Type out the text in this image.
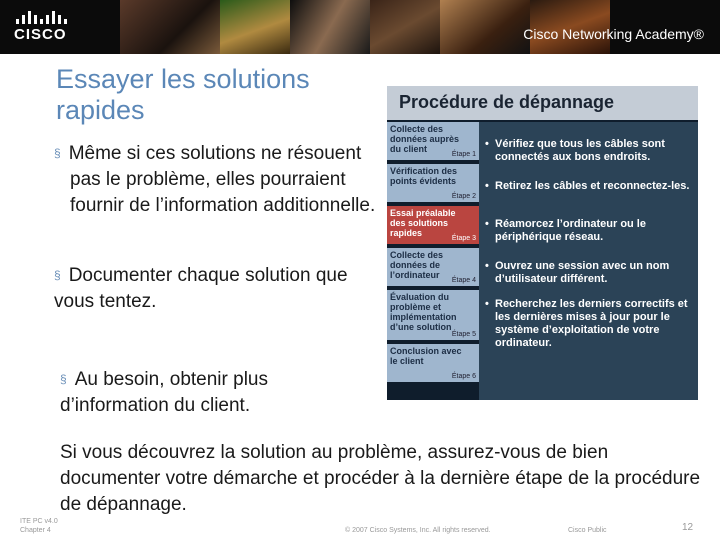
CISCO	Cisco Networking Academy®
Essayer les solutions rapides
§ Même si ces solutions ne résouent pas le problème, elles pourraient fournir de l’information additionnelle.
§ Documenter chaque solution que vous tentez.
§ Au besoin, obtenir plus d’information du client.
Procédure de dépannage
Collecte des données auprès du client
Étape 1
Vérification des points évidents
Étape 2
Essai préalable des solutions rapides
Étape 3
Collecte des données de l’ordinateur
Étape 4
Évaluation du problème et implémentation d’une solution
Étape 5
Conclusion avec le client
Étape 6
• Vérifiez que tous les câbles sont connectés aux bons endroits.
• Retirez les câbles et reconnectez-les.
• Réamorcez l’ordinateur ou le périphérique réseau.
• Ouvrez une session avec un nom d’utilisateur différent.
• Recherchez les derniers correctifs et les dernières mises à jour pour le système d’exploitation de votre ordinateur.
Si vous découvrez la solution au problème, assurez-vous de bien documenter votre démarche et procéder à la dernière étape de la procédure de dépannage.
ITE PC v4.0
Chapter 4	© 2007 Cisco Systems, Inc. All rights reserved.	Cisco Public	12
